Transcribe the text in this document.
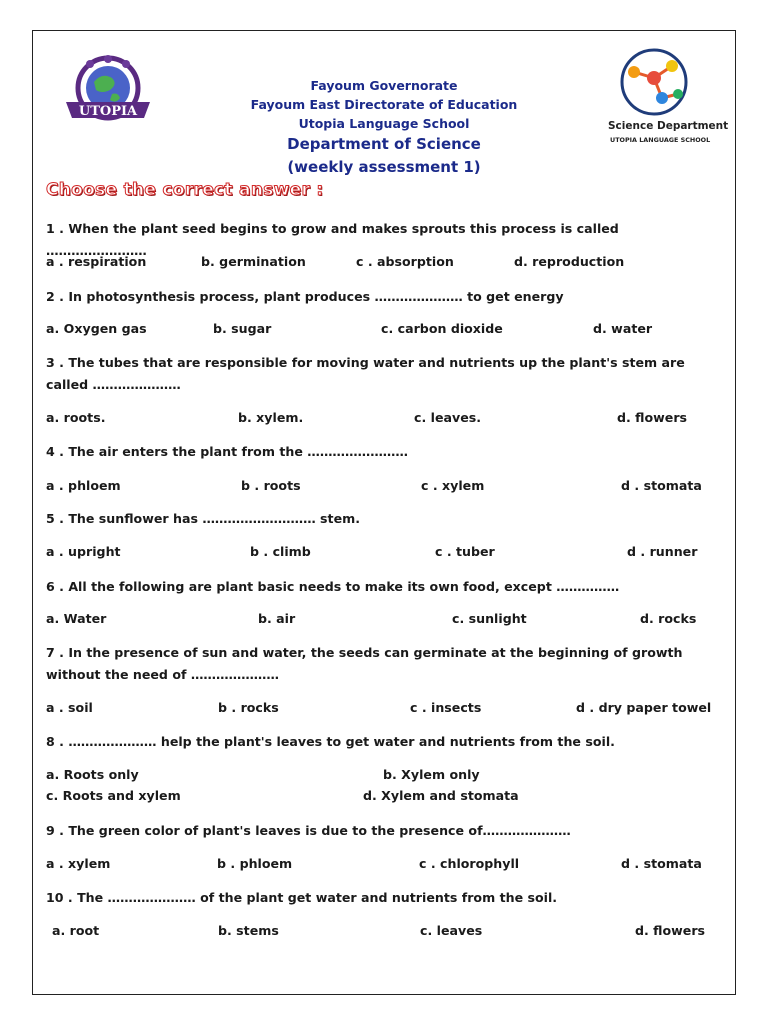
UTOPIA
Fayoum Governorate
Fayoum East Directorate of Education
Utopia Language School
Department of Science
(weekly assessment 1)
Science Department
UTOPIA LANGUAGE SCHOOL
Choose the correct answer :
1 . When the plant seed begins to grow and makes sprouts this process is called ……………………
a . respiration	b. germination	c . absorption	d. reproduction
2 . In photosynthesis process, plant produces ………………… to get energy
a. Oxygen gas	b. sugar	c. carbon dioxide	d. water
3 . The tubes that are responsible for moving water and nutrients up the plant's stem are called …………………
a. roots.	b. xylem.	c. leaves.	d. flowers
4 . The air enters the plant from the ……………………
a . phloem	b . roots	c . xylem	d . stomata
5 . The sunflower has ……………………… stem.
a . upright	b . climb	c . tuber	d . runner
6 . All the following are plant basic needs to make its own food, except ……………
a. Water	b. air	c. sunlight	d. rocks
7 . In the presence of sun and water, the seeds can germinate at the beginning of growth without the need of …………………
a . soil	b . rocks	c . insects	d . dry paper towel
8 . ………………… help the plant's leaves to get water and nutrients from the soil.
a. Roots only	b. Xylem only
c. Roots and xylem	d. Xylem and stomata
9 . The green color of plant's leaves is due to the presence of…………………
a . xylem	b . phloem	c . chlorophyll	d . stomata
10 . The ………………… of the plant get water and nutrients from the soil.
a. root	b. stems	c. leaves	d. flowers
